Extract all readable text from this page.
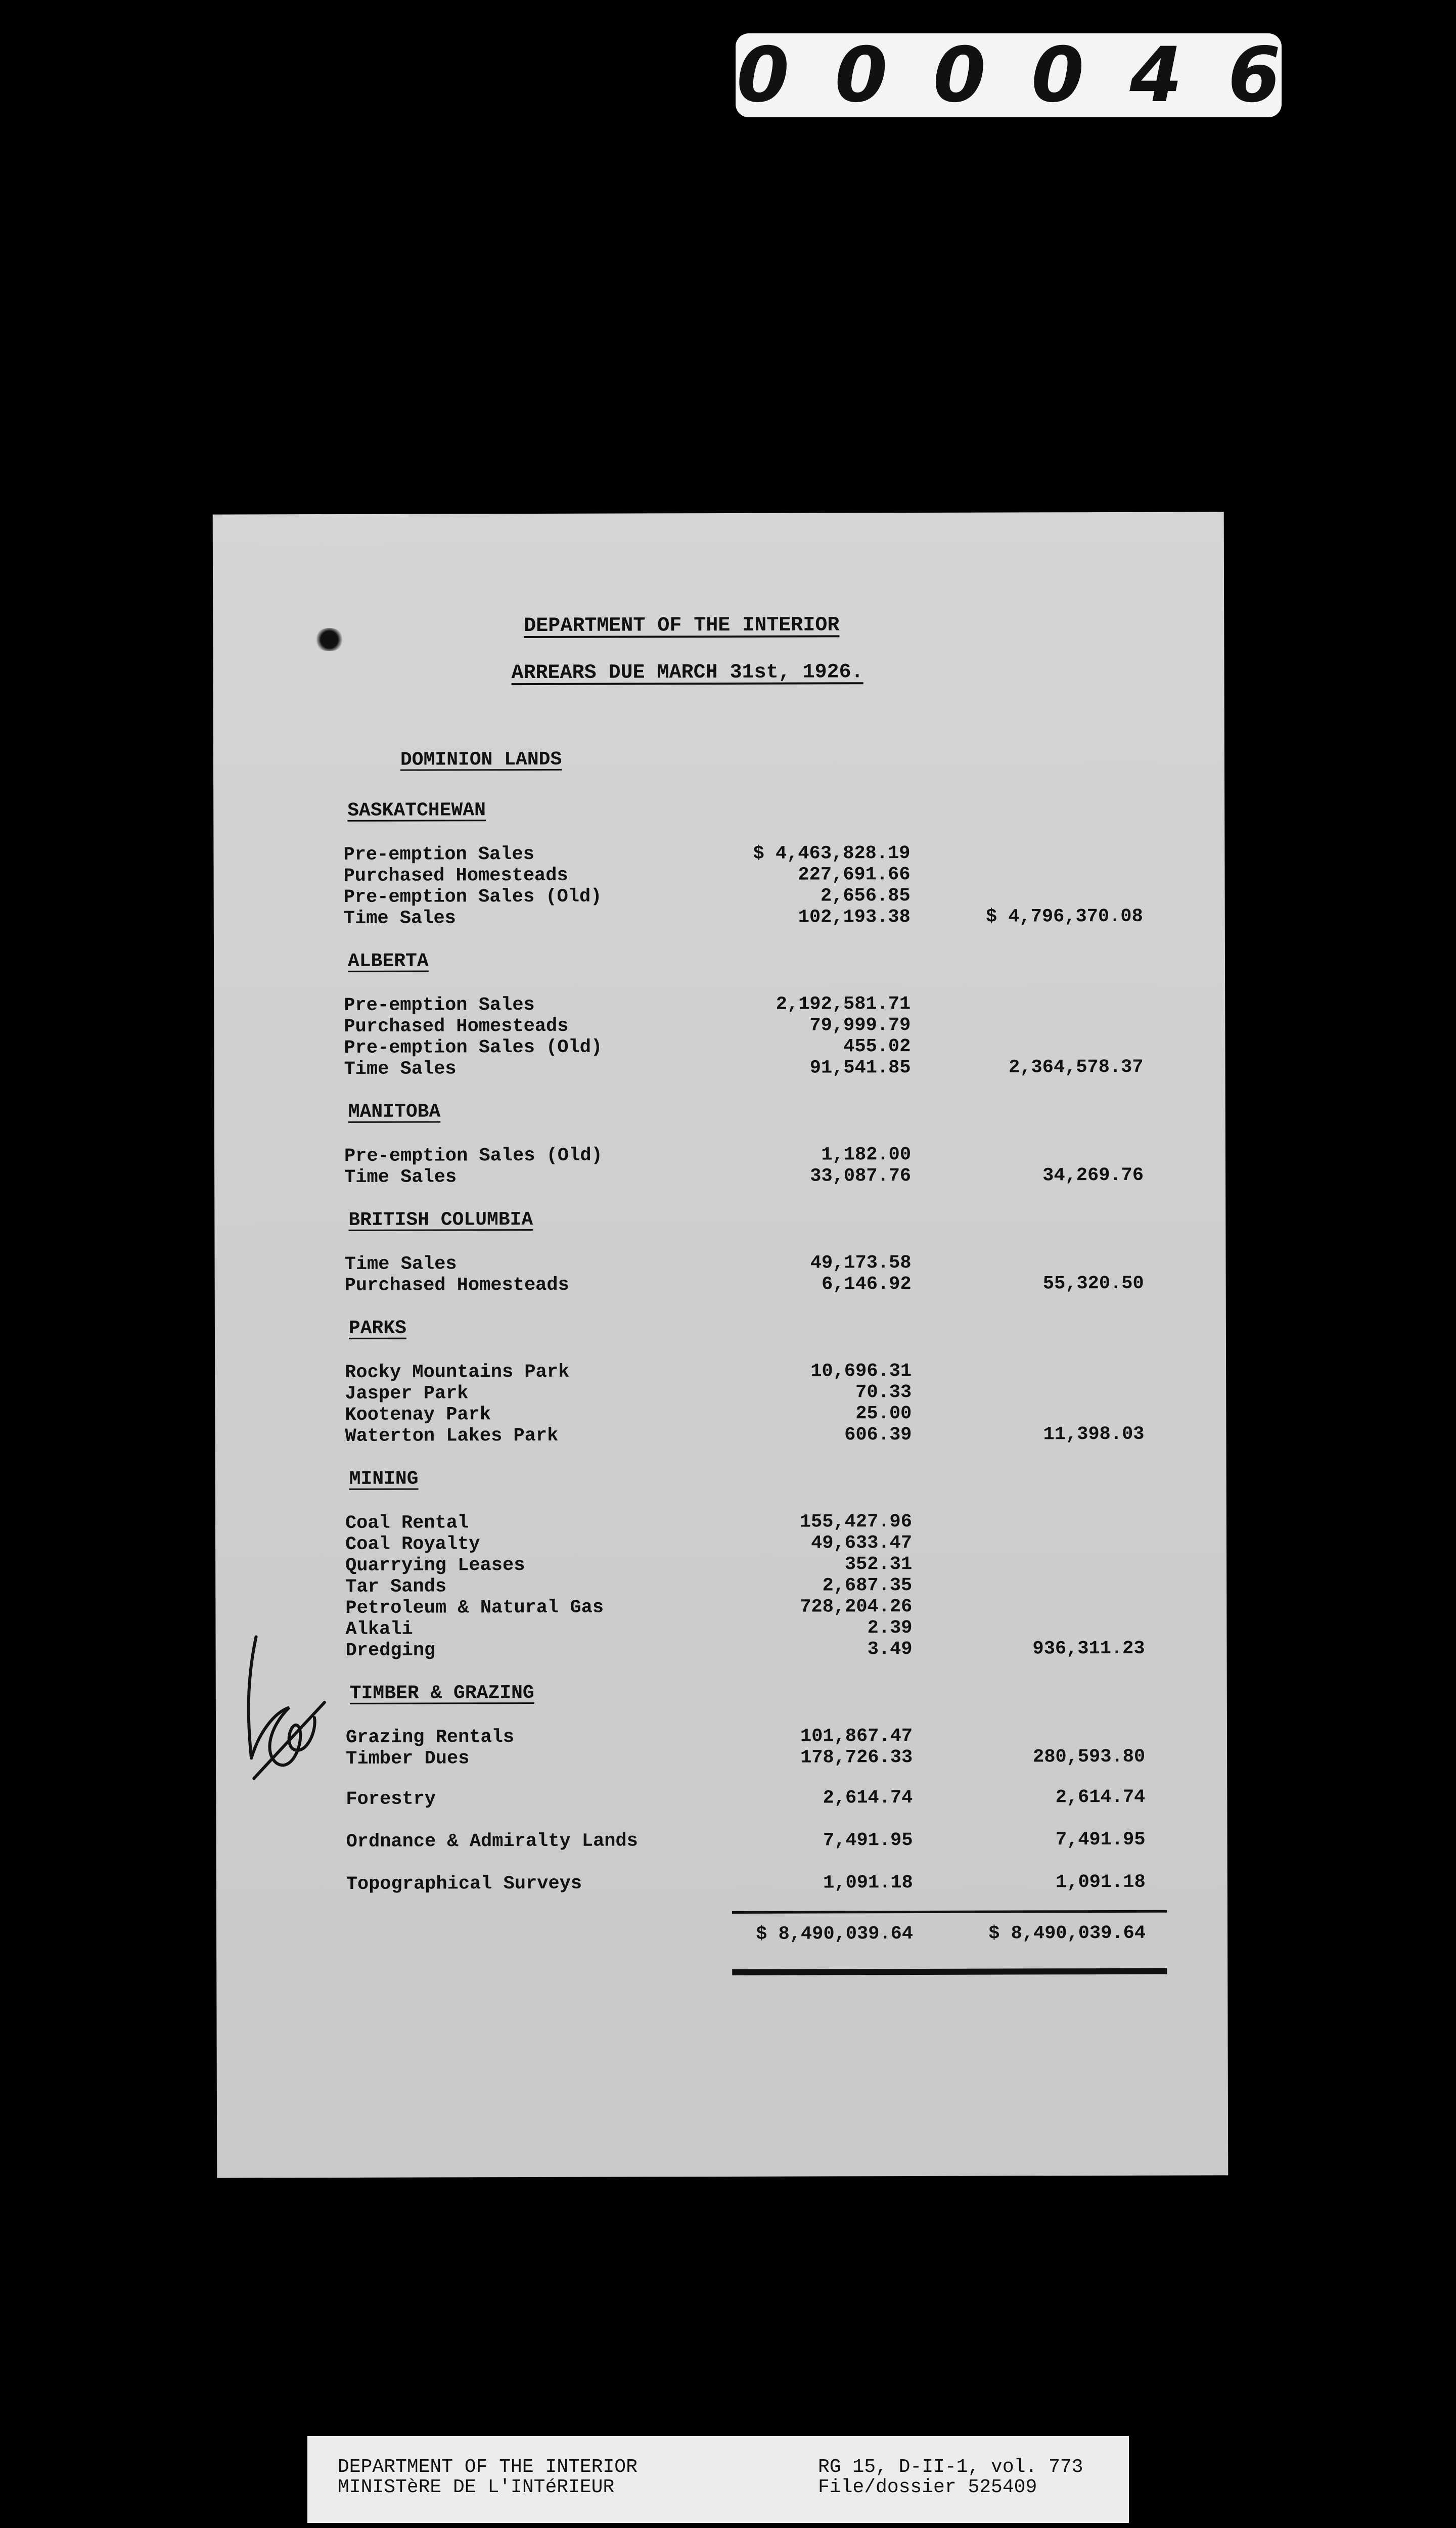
000046
DEPARTMENT OF THE INTERIOR
ARREARS DUE MARCH 31st, 1926.
DOMINION LANDS
SASKATCHEWAN
Pre-emption Sales	$ 4,463,828.19
Purchased Homesteads	227,691.66
Pre-emption Sales (Old)	2,656.85
Time Sales	102,193.38	$ 4,796,370.08
ALBERTA
Pre-emption Sales	2,192,581.71
Purchased Homesteads	79,999.79
Pre-emption Sales (Old)	455.02
Time Sales	91,541.85	2,364,578.37
MANITOBA
Pre-emption Sales (Old)	1,182.00
Time Sales	33,087.76	34,269.76
BRITISH COLUMBIA
Time Sales	49,173.58
Purchased Homesteads	6,146.92	55,320.50
PARKS
Rocky Mountains Park	10,696.31
Jasper Park	70.33
Kootenay Park	25.00
Waterton Lakes Park	606.39	11,398.03
MINING
Coal Rental	155,427.96
Coal Royalty	49,633.47
Quarrying Leases	352.31
Tar Sands	2,687.35
Petroleum & Natural Gas	728,204.26
Alkali	2.39
Dredging	3.49	936,311.23
TIMBER & GRAZING
Grazing Rentals	101,867.47
Timber Dues	178,726.33	280,593.80
Forestry	2,614.74	2,614.74
Ordnance & Admiralty Lands	7,491.95	7,491.95
Topographical Surveys	1,091.18	1,091.18
$ 8,490,039.64	$ 8,490,039.64
DEPARTMENT OF THE INTERIOR
MINISTèRE DE L'INTéRIEUR
RG 15, D-II-1, vol. 773
File/dossier 525409
